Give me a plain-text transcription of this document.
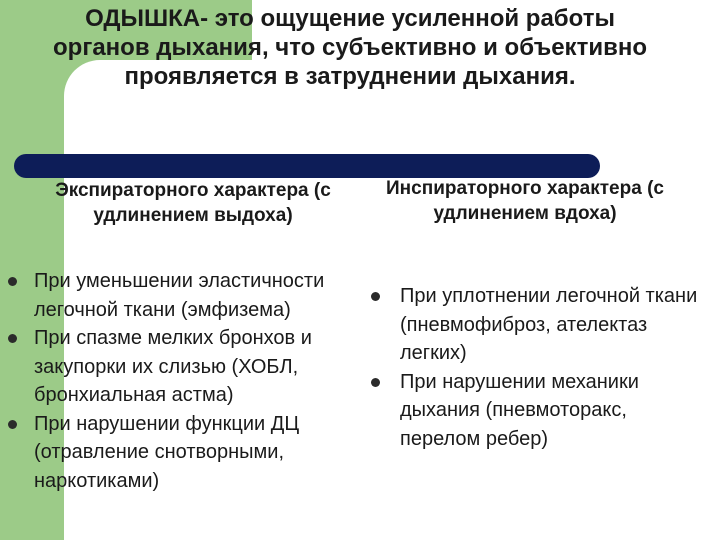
ОДЫШКА- это ощущение усиленной работы органов дыхания, что субъективно и объективно проявляется в затруднении дыхания.
Экспираторного характера (с удлинением выдоха)
Инспираторного характера (с удлинением вдоха)
При уменьшении эластичности легочной ткани (эмфизема)
При спазме мелких бронхов и закупорки их слизью (ХОБЛ, бронхиальная астма)
При нарушении функции ДЦ (отравление снотворными, наркотиками)
При уплотнении легочной ткани (пневмофиброз, ателектаз легких)
При нарушении механики дыхания (пневмоторакс, перелом ребер)
